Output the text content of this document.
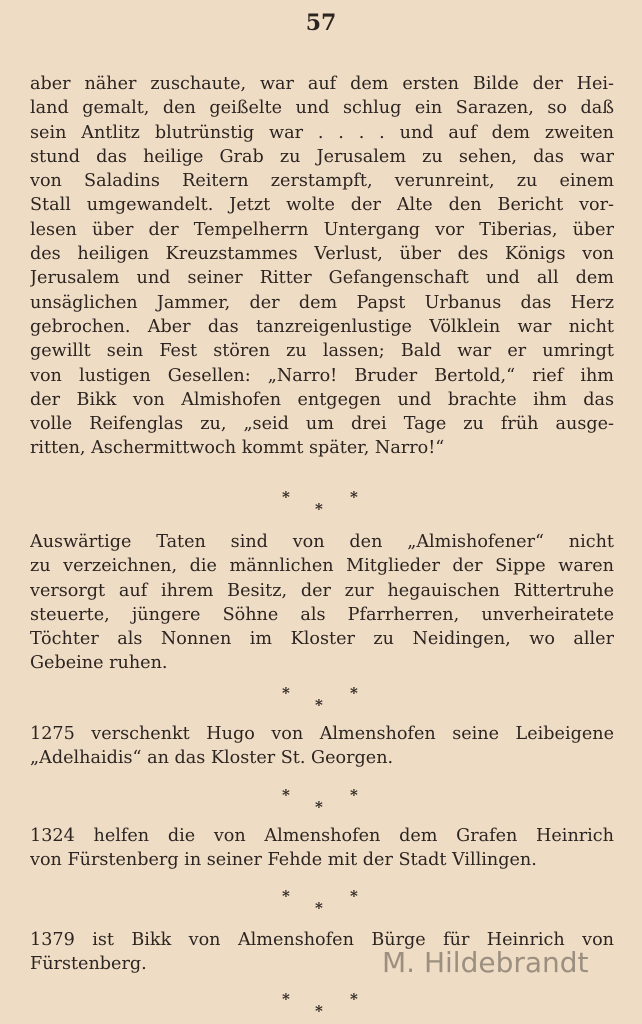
57
aber näher zuschaute, war auf dem ersten Bilde der Hei-
land gemalt, den geißelte und schlug ein Sarazen, so daß
sein Antlitz blutrünstig war . . . . und auf dem zweiten
stund das heilige Grab zu Jerusalem zu sehen, das war
von Saladins Reitern zerstampft, verunreint, zu einem
Stall umgewandelt. Jetzt wolte der Alte den Bericht vor-
lesen über der Tempelherrn Untergang vor Tiberias, über
des heiligen Kreuzstammes Verlust, über des Königs von
Jerusalem und seiner Ritter Gefangenschaft und all dem
unsäglichen Jammer, der dem Papst Urbanus das Herz
gebrochen. Aber das tanzreigenlustige Völklein war nicht
gewillt sein Fest stören zu lassen; Bald war er umringt
von lustigen Gesellen: „Narro! Bruder Bertold,“ rief ihm
der Bikk von Almishofen entgegen und brachte ihm das
volle Reifenglas zu, „seid um drei Tage zu früh ausge-
ritten, Aschermittwoch kommt später, Narro!“
*	*
*
Auswärtige Taten sind von den „Almishofener“ nicht
zu verzeichnen, die männlichen Mitglieder der Sippe waren
versorgt auf ihrem Besitz, der zur hegauischen Rittertruhe
steuerte, jüngere Söhne als Pfarrherren, unverheiratete
Töchter als Nonnen im Kloster zu Neidingen, wo aller
Gebeine ruhen.
*	*
*
1275 verschenkt Hugo von Almenshofen seine Leibeigene
„Adelhaidis“ an das Kloster St. Georgen.
*	*
*
1324 helfen die von Almenshofen dem Grafen Heinrich
von Fürstenberg in seiner Fehde mit der Stadt Villingen.
*	*
*
1379 ist Bikk von Almenshofen Bürge für Heinrich von
Fürstenberg.
*	*
*
M. Hildebrandt
